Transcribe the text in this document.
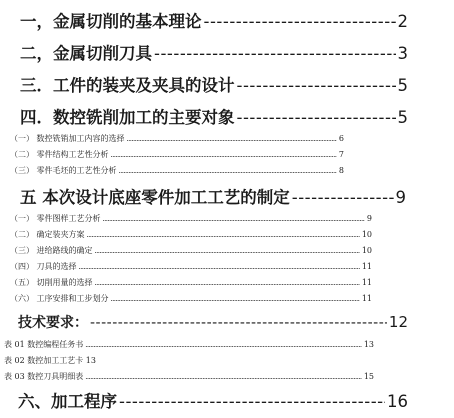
一，金属切削的基本理论 -----	2
二，金属切削刀具 -----	3
三．工件的装夹及夹具的设计 -----	5
四．数控铣削加工的主要对象 -----	5
（一） 数控铣销加工内容的选择 .....	6
（二） 零件结构工艺性分析 .....	7
（三） 零件毛坯的工艺性分析 .....	8
五 本次设计底座零件加工工艺的制定 -----	9
（一） 零件图样工艺分析 .....	9
（二） 确定装夹方案 .....	10
（三） 进给路线的确定 .....	10
（四） 刀具的选择 .....	11
（五） 切削用量的选择 .....	11
（六） 工序安排和工步划分 .....	11
技术要求： -----	12
表 01 数控编程任务书 .....	13
表 02 数控加工工艺卡 13
表 03 数控刀具明细表 .....	15
六、加工程序 -----	16
